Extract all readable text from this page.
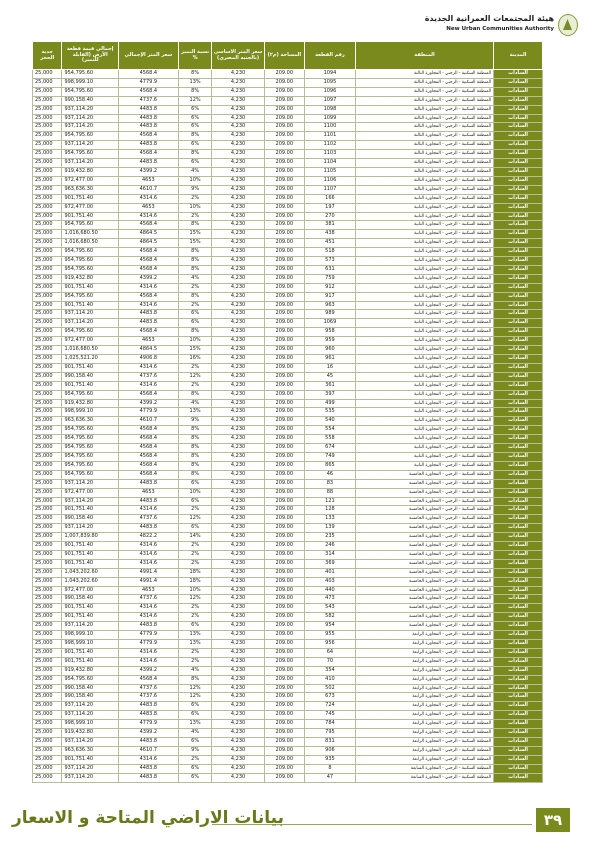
هيئة المجتمعات العمرانية الجديدة
New Urban Communities Authority
المدينة	المنطقة	رقم القطعة	المساحة (م٢)	سعر المتر الاساسي (بالجنيه المصري)	نسبة التميز %	سعر المتر الإجمالي	إجمالي قيمة قطعة الأرض (القابلة للتميز)	جدية الحجز
السادات	المنطقة السكنية - الرجبي - المجاورة الثالثة	1094	209.00	4,230	8%	4568.4	954,795.60	25,000
السادات	المنطقة السكنية - الرجبي - المجاورة الثالثة	1095	209.00	4,230	13%	4779.9	998,999.10	25,000
السادات	المنطقة السكنية - الرجبي - المجاورة الثالثة	1096	209.00	4,230	8%	4568.4	954,795.60	25,000
السادات	المنطقة السكنية - الرجبي - المجاورة الثالثة	1097	209.00	4,230	12%	4737.6	990,158.40	25,000
السادات	المنطقة السكنية - الرجبي - المجاورة الثالثة	1098	209.00	4,230	6%	4483.8	937,114.20	25,000
السادات	المنطقة السكنية - الرجبي - المجاورة الثالثة	1099	209.00	4,230	6%	4483.8	937,114.20	25,000
السادات	المنطقة السكنية - الرجبي - المجاورة الثالثة	1100	209.00	4,230	6%	4483.8	937,114.20	25,000
السادات	المنطقة السكنية - الرجبي - المجاورة الثالثة	1101	209.00	4,230	8%	4568.4	954,795.60	25,000
السادات	المنطقة السكنية - الرجبي - المجاورة الثالثة	1102	209.00	4,230	6%	4483.8	937,114.20	25,000
السادات	المنطقة السكنية - الرجبي - المجاورة الثالثة	1103	209.00	4,230	8%	4568.4	954,795.60	25,000
السادات	المنطقة السكنية - الرجبي - المجاورة الثالثة	1104	209.00	4,230	6%	4483.8	937,114.20	25,000
السادات	المنطقة السكنية - الرجبي - المجاورة الثالثة	1105	209.00	4,230	4%	4399.2	919,432.80	25,000
السادات	المنطقة السكنية - الرجبي - المجاورة الثالثة	1106	209.00	4,230	10%	4653	972,477.00	25,000
السادات	المنطقة السكنية - الرجبي - المجاورة الثالثة	1107	209.00	4,230	9%	4610.7	963,636.30	25,000
السادات	المنطقة السكنية - الرجبي - المجاورة الثانية	166	209.00	4,230	2%	4314.6	901,751.40	25,000
السادات	المنطقة السكنية - الرجبي - المجاورة الثانية	197	209.00	4,230	10%	4653	972,477.00	25,000
السادات	المنطقة السكنية - الرجبي - المجاورة الثانية	270	209.00	4,230	2%	4314.6	901,751.40	25,000
السادات	المنطقة السكنية - الرجبي - المجاورة الثانية	381	209.00	4,230	8%	4568.4	954,795.60	25,000
السادات	المنطقة السكنية - الرجبي - المجاورة الثانية	438	209.00	4,230	15%	4864.5	1,016,680.50	25,000
السادات	المنطقة السكنية - الرجبي - المجاورة الثانية	451	209.00	4,230	15%	4864.5	1,016,680.50	25,000
السادات	المنطقة السكنية - الرجبي - المجاورة الثانية	518	209.00	4,230	8%	4568.4	954,795.60	25,000
السادات	المنطقة السكنية - الرجبي - المجاورة الثانية	573	209.00	4,230	8%	4568.4	954,795.60	25,000
السادات	المنطقة السكنية - الرجبي - المجاورة الثانية	631	209.00	4,230	8%	4568.4	954,795.60	25,000
السادات	المنطقة السكنية - الرجبي - المجاورة الثانية	759	209.00	4,230	4%	4399.2	919,432.80	25,000
السادات	المنطقة السكنية - الرجبي - المجاورة الثانية	912	209.00	4,230	2%	4314.6	901,751.40	25,000
السادات	المنطقة السكنية - الرجبي - المجاورة الثانية	917	209.00	4,230	8%	4568.4	954,795.60	25,000
السادات	المنطقة السكنية - الرجبي - المجاورة الثانية	963	209.00	4,230	2%	4314.6	901,751.40	25,000
السادات	المنطقة السكنية - الرجبي - المجاورة الثانية	989	209.00	4,230	6%	4483.8	937,114.20	25,000
السادات	المنطقة السكنية - الرجبي - المجاورة الثانية	1069	209.00	4,230	6%	4483.8	937,114.20	25,000
السادات	المنطقة السكنية - الرجبي - المجاورة الثانية	958	209.00	4,230	8%	4568.4	954,795.60	25,000
السادات	المنطقة السكنية - الرجبي - المجاورة الثانية	959	209.00	4,230	10%	4653	972,477.00	25,000
السادات	المنطقة السكنية - الرجبي - المجاورة الثانية	960	209.00	4,230	15%	4864.5	1,016,680.50	25,000
السادات	المنطقة السكنية - الرجبي - المجاورة الثانية	961	209.00	4,230	16%	4906.8	1,025,521.20	25,000
السادات	المنطقة السكنية - الرجبي - المجاورة الثانية	16	209.00	4,230	2%	4314.6	901,751.40	25,000
السادات	المنطقة السكنية - الرجبي - المجاورة الثانية	45	209.00	4,230	12%	4737.6	990,158.40	25,000
السادات	المنطقة السكنية - الرجبي - المجاورة الثانية	361	209.00	4,230	2%	4314.6	901,751.40	25,000
السادات	المنطقة السكنية - الرجبي - المجاورة الثانية	397	209.00	4,230	8%	4568.4	954,795.60	25,000
السادات	المنطقة السكنية - الرجبي - المجاورة الثانية	499	209.00	4,230	4%	4399.2	919,432.80	25,000
السادات	المنطقة السكنية - الرجبي - المجاورة الثانية	535	209.00	4,230	13%	4779.9	998,999.10	25,000
السادات	المنطقة السكنية - الرجبي - المجاورة الثانية	540	209.00	4,230	9%	4610.7	963,636.30	25,000
السادات	المنطقة السكنية - الرجبي - المجاورة الثانية	554	209.00	4,230	8%	4568.4	954,795.60	25,000
السادات	المنطقة السكنية - الرجبي - المجاورة الثانية	558	209.00	4,230	8%	4568.4	954,795.60	25,000
السادات	المنطقة السكنية - الرجبي - المجاورة الثانية	674	209.00	4,230	8%	4568.4	954,795.60	25,000
السادات	المنطقة السكنية - الرجبي - المجاورة الثانية	749	209.00	4,230	8%	4568.4	954,795.60	25,000
السادات	المنطقة السكنية - الرجبي - المجاورة الثانية	865	209.00	4,230	8%	4568.4	954,795.60	25,000
السادات	المنطقة السكنية - الرجبي - المجاورة الخامسة	46	209.00	4,230	8%	4568.4	954,795.60	25,000
السادات	المنطقة السكنية - الرجبي - المجاورة الخامسة	83	209.00	4,230	6%	4483.8	937,114.20	25,000
السادات	المنطقة السكنية - الرجبي - المجاورة الخامسة	88	209.00	4,230	10%	4653	972,477.00	25,000
السادات	المنطقة السكنية - الرجبي - المجاورة الخامسة	121	209.00	4,230	6%	4483.8	937,114.20	25,000
السادات	المنطقة السكنية - الرجبي - المجاورة الخامسة	128	209.00	4,230	2%	4314.6	901,751.40	25,000
السادات	المنطقة السكنية - الرجبي - المجاورة الخامسة	133	209.00	4,230	12%	4737.6	990,158.40	25,000
السادات	المنطقة السكنية - الرجبي - المجاورة الخامسة	139	209.00	4,230	6%	4483.8	937,114.20	25,000
السادات	المنطقة السكنية - الرجبي - المجاورة الخامسة	235	209.00	4,230	14%	4822.2	1,007,839.80	25,000
السادات	المنطقة السكنية - الرجبي - المجاورة الخامسة	246	209.00	4,230	2%	4314.6	901,751.40	25,000
السادات	المنطقة السكنية - الرجبي - المجاورة الخامسة	314	209.00	4,230	2%	4314.6	901,751.40	25,000
السادات	المنطقة السكنية - الرجبي - المجاورة الخامسة	369	209.00	4,230	2%	4314.6	901,751.40	25,000
السادات	المنطقة السكنية - الرجبي - المجاورة الخامسة	401	209.00	4,230	18%	4991.4	1,043,202.60	25,000
السادات	المنطقة السكنية - الرجبي - المجاورة الخامسة	403	209.00	4,230	18%	4991.4	1,043,202.60	25,000
السادات	المنطقة السكنية - الرجبي - المجاورة الخامسة	440	209.00	4,230	10%	4653	972,477.00	25,000
السادات	المنطقة السكنية - الرجبي - المجاورة الخامسة	473	209.00	4,230	12%	4737.6	990,158.40	25,000
السادات	المنطقة السكنية - الرجبي - المجاورة الخامسة	543	209.00	4,230	2%	4314.6	901,751.40	25,000
السادات	المنطقة السكنية - الرجبي - المجاورة الخامسة	582	209.00	4,230	2%	4314.6	901,751.40	25,000
السادات	المنطقة السكنية - الرجبي - المجاورة الخامسة	954	209.00	4,230	6%	4483.8	937,114.20	25,000
السادات	المنطقة السكنية - الرجبي - المجاورة الرابعة	955	209.00	4,230	13%	4779.9	998,999.10	25,000
السادات	المنطقة السكنية - الرجبي - المجاورة الرابعة	956	209.00	4,230	13%	4779.9	998,999.10	25,000
السادات	المنطقة السكنية - الرجبي - المجاورة الرابعة	64	209.00	4,230	2%	4314.6	901,751.40	25,000
السادات	المنطقة السكنية - الرجبي - المجاورة الرابعة	70	209.00	4,230	2%	4314.6	901,751.40	25,000
السادات	المنطقة السكنية - الرجبي - المجاورة الرابعة	354	209.00	4,230	4%	4399.2	919,432.80	25,000
السادات	المنطقة السكنية - الرجبي - المجاورة الرابعة	410	209.00	4,230	8%	4568.4	954,795.60	25,000
السادات	المنطقة السكنية - الرجبي - المجاورة الرابعة	502	209.00	4,230	12%	4737.6	990,158.40	25,000
السادات	المنطقة السكنية - الرجبي - المجاورة الرابعة	673	209.00	4,230	12%	4737.6	990,158.40	25,000
السادات	المنطقة السكنية - الرجبي - المجاورة الرابعة	724	209.00	4,230	6%	4483.8	937,114.20	25,000
السادات	المنطقة السكنية - الرجبي - المجاورة الرابعة	745	209.00	4,230	6%	4483.8	937,114.20	25,000
السادات	المنطقة السكنية - الرجبي - المجاورة الرابعة	784	209.00	4,230	13%	4779.9	998,999.10	25,000
السادات	المنطقة السكنية - الرجبي - المجاورة الرابعة	795	209.00	4,230	4%	4399.2	919,432.80	25,000
السادات	المنطقة السكنية - الرجبي - المجاورة الرابعة	831	209.00	4,230	6%	4483.8	937,114.20	25,000
السادات	المنطقة السكنية - الرجبي - المجاورة الرابعة	906	209.00	4,230	9%	4610.7	963,636.30	25,000
السادات	المنطقة السكنية - الرجبي - المجاورة الرابعة	935	209.00	4,230	2%	4314.6	901,751.40	25,000
السادات	المنطقة السكنية - الرجبي - المجاورة السابعة	8	209.00	4,230	6%	4483.8	937,114.20	25,000
السادات	المنطقة السكنية - الرجبي - المجاورة السابعة	47	209.00	4,230	6%	4483.8	937,114.20	25,000
٣٩
بيانات الاراضي المتاحة و الاسعار
